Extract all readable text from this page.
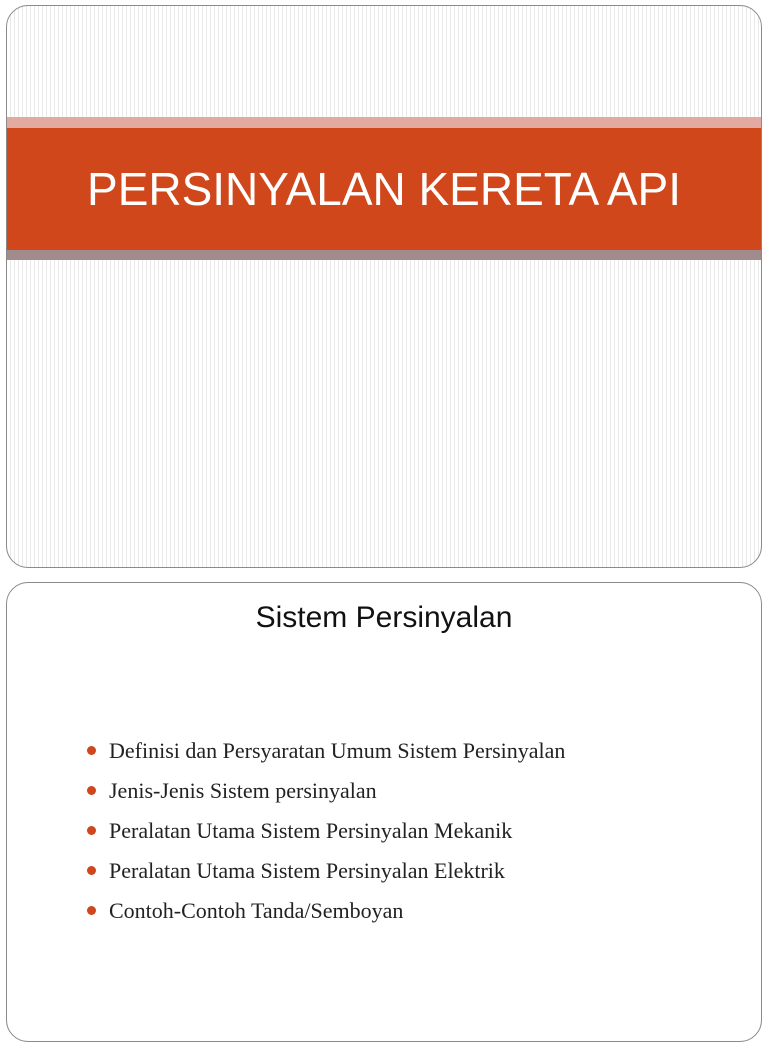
PERSINYALAN KERETA API
Sistem Persinyalan
Definisi dan Persyaratan Umum Sistem Persinyalan
Jenis-Jenis Sistem persinyalan
Peralatan Utama Sistem Persinyalan Mekanik
Peralatan Utama Sistem Persinyalan Elektrik
Contoh-Contoh Tanda/Semboyan
